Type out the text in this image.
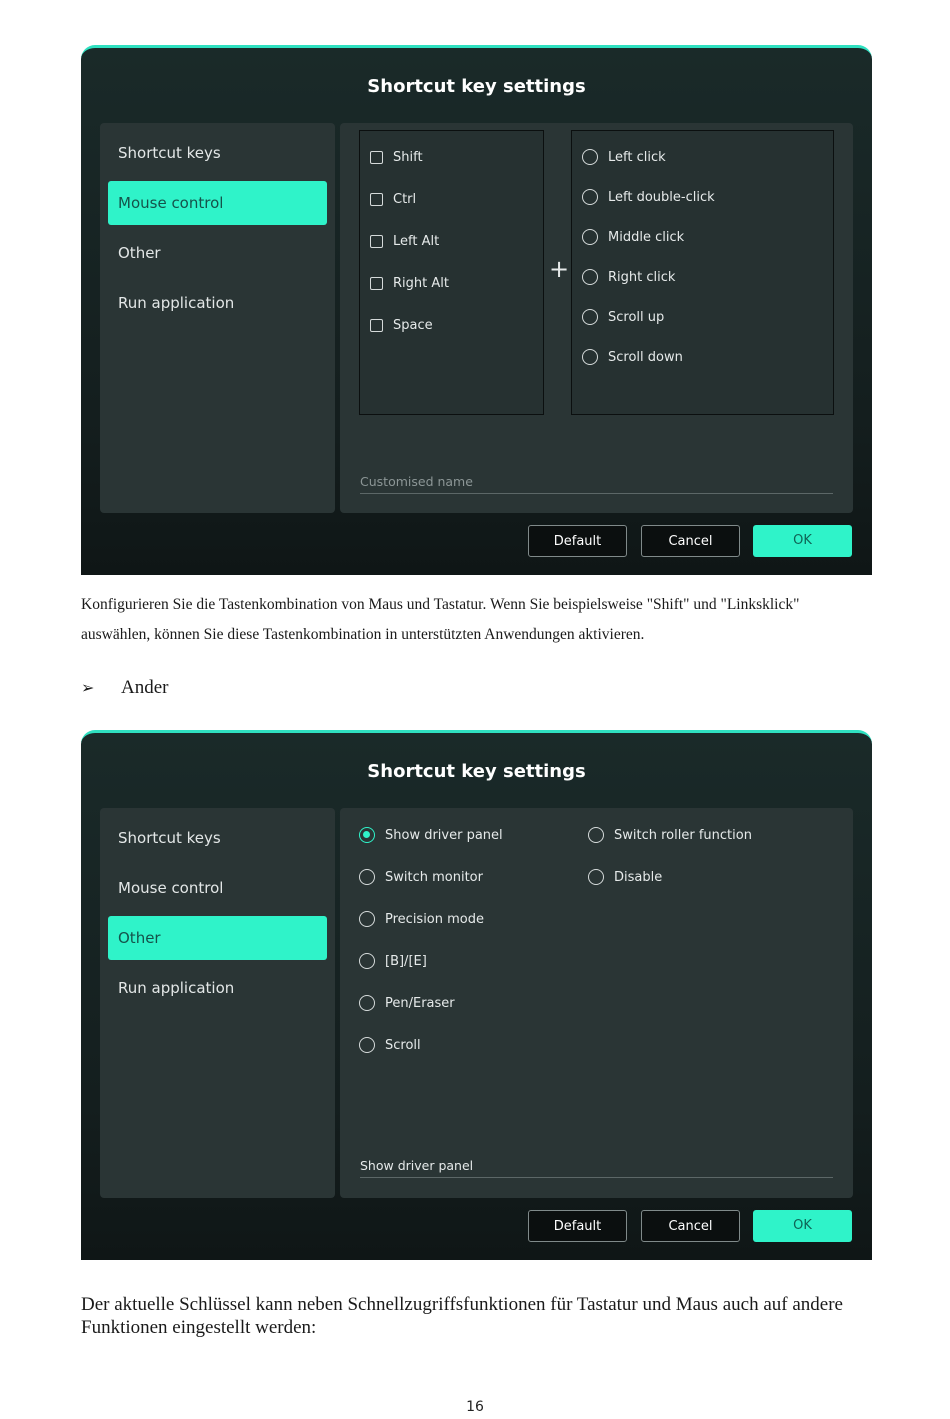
Shortcut key settings
Shortcut keys
Mouse control
Other
Run application
Shift
Ctrl
Left Alt
Right Alt
Space
+
Left click
Left double-click
Middle click
Right click
Scroll up
Scroll down
Customised name
Default	Cancel	OK
Konfigurieren Sie die Tastenkombination von Maus und Tastatur. Wenn Sie beispielsweise "Shift" und "Linksklick" auswählen, können Sie diese Tastenkombination in unterstützten Anwendungen aktivieren.
➢ Ander
Shortcut key settings
Shortcut keys
Mouse control
Other
Run application
Show driver panel
Switch monitor
Precision mode
[B]/[E]
Pen/Eraser
Scroll
Switch roller function
Disable
Show driver panel
Default	Cancel	OK
Der aktuelle Schlüssel kann neben Schnellzugriffsfunktionen für Tastatur und Maus auch auf andere Funktionen eingestellt werden:
16
